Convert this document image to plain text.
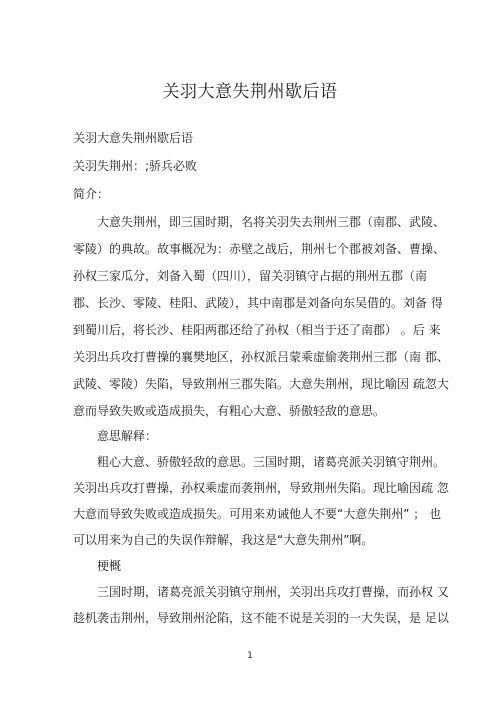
关羽大意失荆州歇后语
关羽大意失荆州歇后语
关羽失荆州：;骄兵必败
简介：
大意失荆州，即三国时期，名将关羽失去荆州三郡（南郡、武陵、
零陵）的典故。故事概况为：赤壁之战后，荆州七个郡被刘备、曹操、
孙权三家瓜分，刘备入蜀（四川），留关羽镇守占据的荆州五郡（南
郡、长沙、零陵、桂阳、武陵），其中南郡是刘备向东吴借的。刘备 得
到蜀川后，将长沙、桂阳两郡还给了孙权（相当于还了南郡） 。后 来
关羽出兵攻打曹操的襄樊地区，孙权派吕蒙乘虚偷袭荆州三郡（南 郡、
武陵、零陵）失陷，导致荆州三郡失陷。大意失荆州，现比喻因 疏忽大
意而导致失败或造成损失，有粗心大意、骄傲轻敌的意思。
意思解释：
粗心大意、骄傲轻敌的意思。三国时期，诸葛亮派关羽镇守荆州。
关羽出兵攻打曹操，孙权乘虚而袭荆州，导致荆州失陷。现比喻因疏 忽
大意而导致失败或造成损失。可用来劝诫他人不要“大意失荆州” ； 也
可以用来为自己的失误作辩解，我这是“大意失荆州”啊。
梗概
三国时期，诸葛亮派关羽镇守荆州，关羽出兵攻打曹操，而孙权 又
趁机袭击荆州，导致荆州沦陷，这不能不说是关羽的一大失误，是 足以
1
